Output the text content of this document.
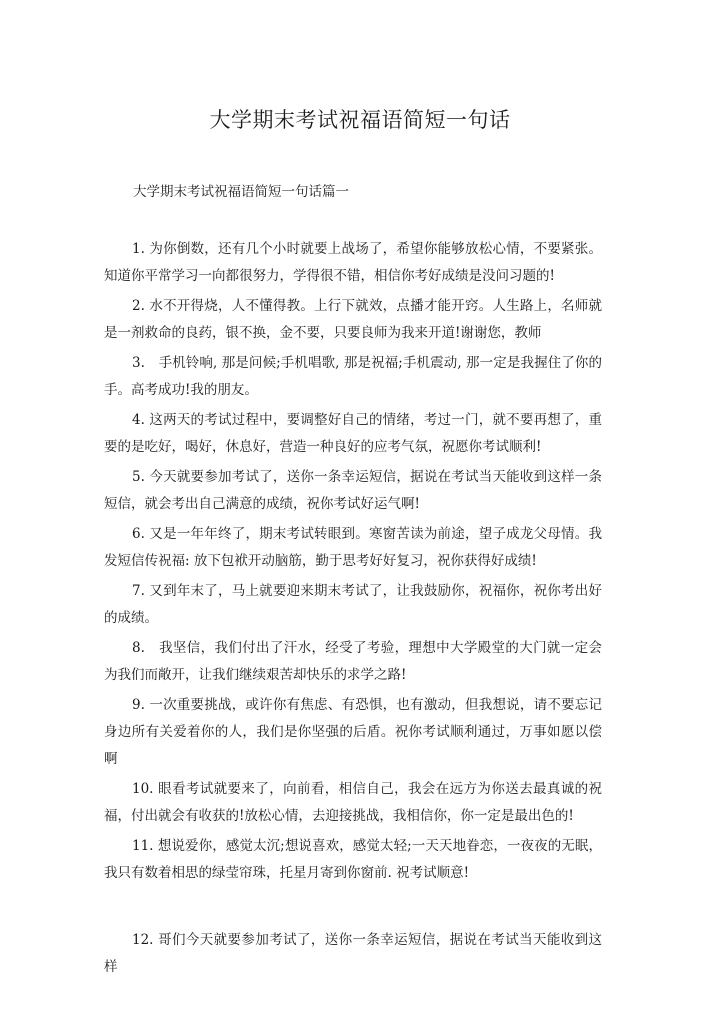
大学期末考试祝福语简短一句话
大学期末考试祝福语简短一句话篇一

1. 为你倒数，还有几个小时就要上战场了，希望你能够放松心情，不要紧张。知道你平常学习一向都很努力，学得很不错，相信你考好成绩是没问习题的!

2. 水不开得烧，人不懂得教。上行下就效，点播才能开窍。人生路上，名师就是一剂救命的良药，银不换，金不要，只要良师为我来开道!谢谢您，教师

3.　手机铃响, 那是问候;手机唱歌, 那是祝福;手机震动, 那一定是我握住了你的手。高考成功!我的朋友。

4. 这两天的考试过程中，要调整好自己的情绪，考过一门，就不要再想了，重要的是吃好，喝好，休息好，营造一种良好的应考气氛，祝愿你考试顺利!

5. 今天就要参加考试了，送你一条幸运短信，据说在考试当天能收到这样一条短信，就会考出自己满意的成绩，祝你考试好运气啊!

6. 又是一年年终了，期末考试转眼到。寒窗苦读为前途，望子成龙父母情。我发短信传祝福: 放下包袱开动脑筋，勤于思考好好复习，祝你获得好成绩!

7. 又到年末了，马上就要迎来期末考试了，让我鼓励你，祝福你，祝你考出好的成绩。

8.　我坚信，我们付出了汗水，经受了考验，理想中大学殿堂的大门就一定会为我们而敞开，让我们继续艰苦却快乐的求学之路!

9. 一次重要挑战，或许你有焦虑、有恐惧，也有激动，但我想说，请不要忘记身边所有关爱着你的人，我们是你坚强的后盾。祝你考试顺利通过，万事如愿以偿啊

10. 眼看考试就要来了，向前看，相信自己，我会在远方为你送去最真诚的祝福，付出就会有收获的!放松心情，去迎接挑战，我相信你，你一定是最出色的!

11. 想说爱你，感觉太沉;想说喜欢，感觉太轻;一天天地眷恋，一夜夜的无眠，我只有数着相思的绿莹帘珠，托星月寄到你窗前. 祝考试顺意!

12. 哥们今天就要参加考试了，送你一条幸运短信，据说在考试当天能收到这样
